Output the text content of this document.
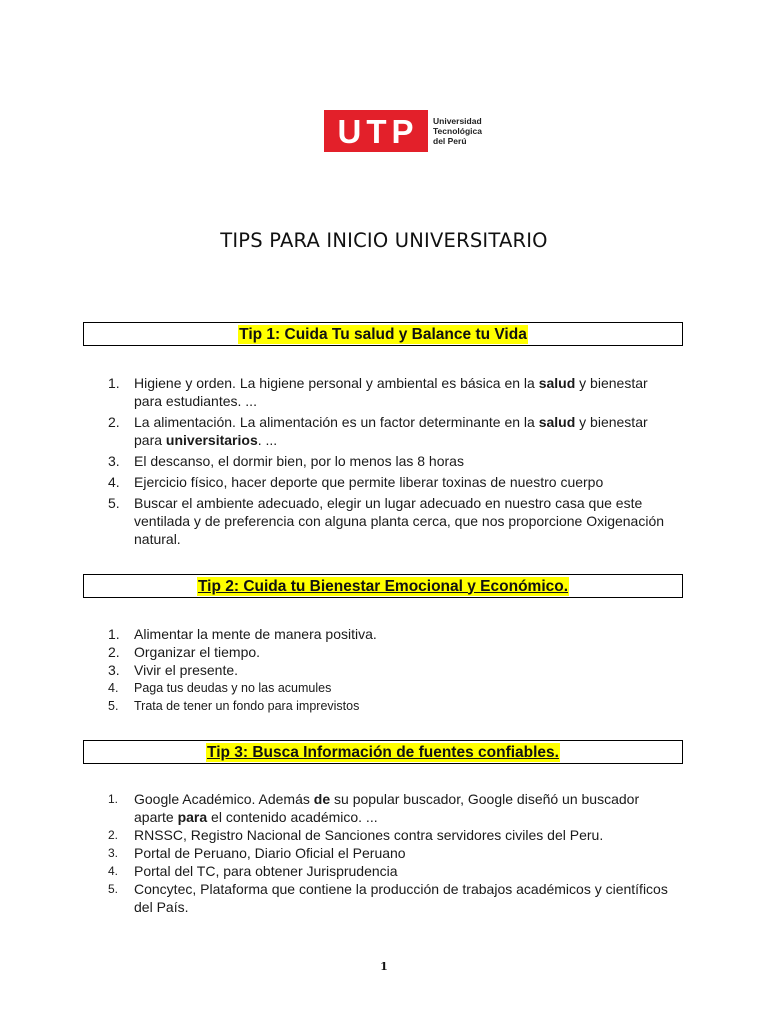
UTP Universidad
Tecnológica
del Perú
TIPS PARA INICIO UNIVERSITARIO
Tip 1: Cuida Tu salud y Balance tu Vida
1.	Higiene y orden. La higiene personal y ambiental es básica en la salud y bienestar para estudiantes. ...
2.	La alimentación. La alimentación es un factor determinante en la salud y bienestar para universitarios. ...
3.	El descanso, el dormir bien, por lo menos las 8 horas
4.	Ejercicio físico, hacer deporte que permite liberar toxinas de nuestro cuerpo
5.	Buscar el ambiente adecuado, elegir un lugar adecuado en nuestro casa que este ventilada y de preferencia con alguna planta cerca, que nos proporcione Oxigenación natural.
Tip 2: Cuida tu Bienestar Emocional y Económico.
1.	Alimentar la mente de manera positiva.
2.	Organizar el tiempo.
3.	Vivir el presente.
4.	Paga tus deudas y no las acumules
5.	Trata de tener un fondo para imprevistos
Tip 3: Busca Información de fuentes confiables.
1.	Google Académico. Además de su popular buscador, Google diseñó un buscador aparte para el contenido académico. ...
2.	RNSSC, Registro Nacional de Sanciones contra servidores civiles del Peru.
3.	Portal de Peruano, Diario Oficial el Peruano
4.	Portal del TC, para obtener Jurisprudencia
5.	Concytec, Plataforma que contiene la producción de trabajos académicos y científicos del País.
1
